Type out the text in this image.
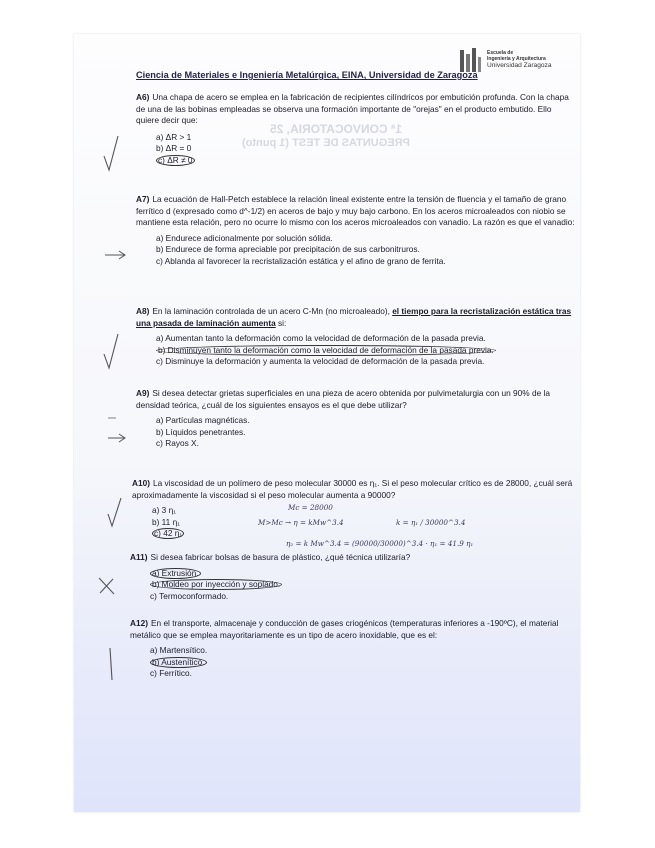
Escuela de
Ingeniería y Arquitectura
Universidad Zaragoza
Ciencia de Materiales e Ingeniería Metalúrgica, EINA, Universidad de Zaragoza
1ª CONVOCATORIA, 25
PREGUNTAS DE TEST (1 punto)

A6) Una chapa de acero se emplea en la fabricación de recipientes cilíndricos por embutición profunda. Con la chapa de una de las bobinas empleadas se observa una formación importante de "orejas" en el producto embutido. Ello quiere decir que:

a) ΔR > 1
b) ΔR = 0
c) ΔR ≠ 0

A7) La ecuación de Hall-Petch establece la relación lineal existente entre la tensión de fluencia y el tamaño de grano ferrítico d (expresado como d^-1/2) en aceros de bajo y muy bajo carbono. En los aceros microaleados con niobio se mantiene esta relación, pero no ocurre lo mismo con los aceros microaleados con vanadio. La razón es que el vanadio:

a) Endurece adicionalmente por solución sólida.
b) Endurece de forma apreciable por precipitación de sus carbonitruros.
c) Ablanda al favorecer la recristalización estática y el afino de grano de ferrita.

A8) En la laminación controlada de un acero C-Mn (no microaleado), el tiempo para la recristalización estática tras una pasada de laminación aumenta si:

a) Aumentan tanto la deformación como la velocidad de deformación de la pasada previa.
b) Disminuyen tanto la deformación como la velocidad de deformación de la pasada previa.
c) Disminuye la deformación y aumenta la velocidad de deformación de la pasada previa.

A9) Si desea detectar grietas superficiales en una pieza de acero obtenida por pulvimetalurgia con un 90% de la densidad teórica, ¿cuál de los siguientes ensayos es el que debe utilizar?

a) Partículas magnéticas.
b) Líquidos penetrantes.
c) Rayos X.

A10) La viscosidad de un polímero de peso molecular 30000 es η₁. Si el peso molecular crítico es de 28000, ¿cuál será aproximadamente la viscosidad si el peso molecular aumenta a 90000?

a) 3 η₁
b) 11 η₁
c) 42 η₁

A11) Si desea fabricar bolsas de basura de plástico, ¿qué técnica utilizaría?

a) Extrusión.
b) Moldeo por inyección y soplado.
c) Termoconformado.

A12) En el transporte, almacenaje y conducción de gases criogénicos (temperaturas inferiores a -190ºC), el material metálico que se emplea mayoritariamente es un tipo de acero inoxidable, que es el:

a) Martensítico.
b) Austenítico.
c) Ferrítico.
Mc = 28000
M>Mc → η = kMw^3.4	k = η₁ / 30000^3.4
η₂ = k Mw^3.4 = (90000/30000)^3.4 · η₁ = 41.9 η₁
